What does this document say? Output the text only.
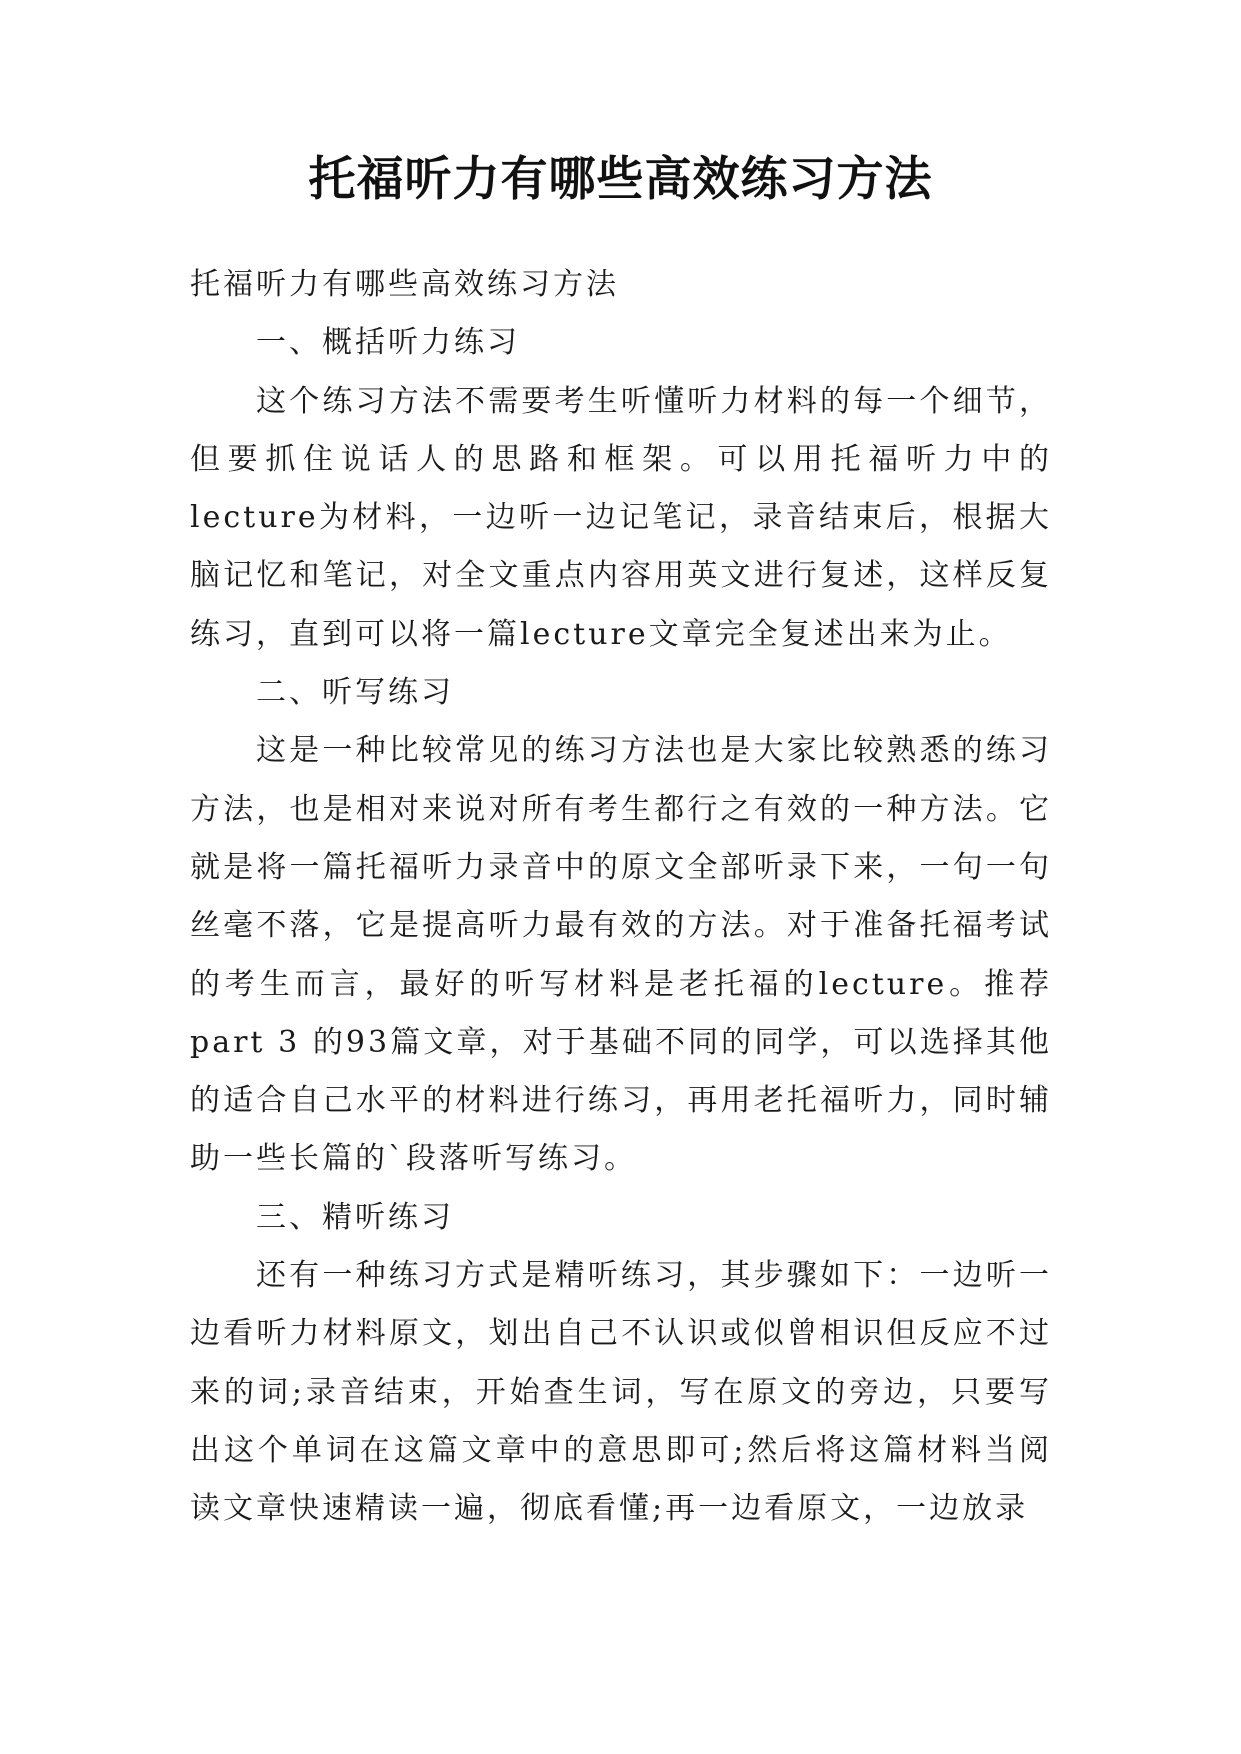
托福听力有哪些高效练习方法

托福听力有哪些高效练习方法

一、概括听力练习

这个练习方法不需要考生听懂听力材料的每一个细节，但要抓住说话人的思路和框架。可以用托福听力中的lecture为材料，一边听一边记笔记，录音结束后，根据大脑记忆和笔记，对全文重点内容用英文进行复述，这样反复练习，直到可以将一篇lecture文章完全复述出来为止。

二、听写练习

这是一种比较常见的练习方法也是大家比较熟悉的练习方法，也是相对来说对所有考生都行之有效的一种方法。它就是将一篇托福听力录音中的原文全部听录下来，一句一句丝毫不落，它是提高听力最有效的方法。对于准备托福考试的考生而言，最好的听写材料是老托福的lecture。推荐part 3 的93篇文章，对于基础不同的同学，可以选择其他的适合自己水平的材料进行练习，再用老托福听力，同时辅助一些长篇的`段落听写练习。

三、精听练习

还有一种练习方式是精听练习，其步骤如下：一边听一边看听力材料原文，划出自己不认识或似曾相识但反应不过来的词;录音结束，开始查生词，写在原文的旁边，只要写出这个单词在这篇文章中的意思即可;然后将这篇材料当阅读文章快速精读一遍，彻底看懂;再一边看原文，一边放录
